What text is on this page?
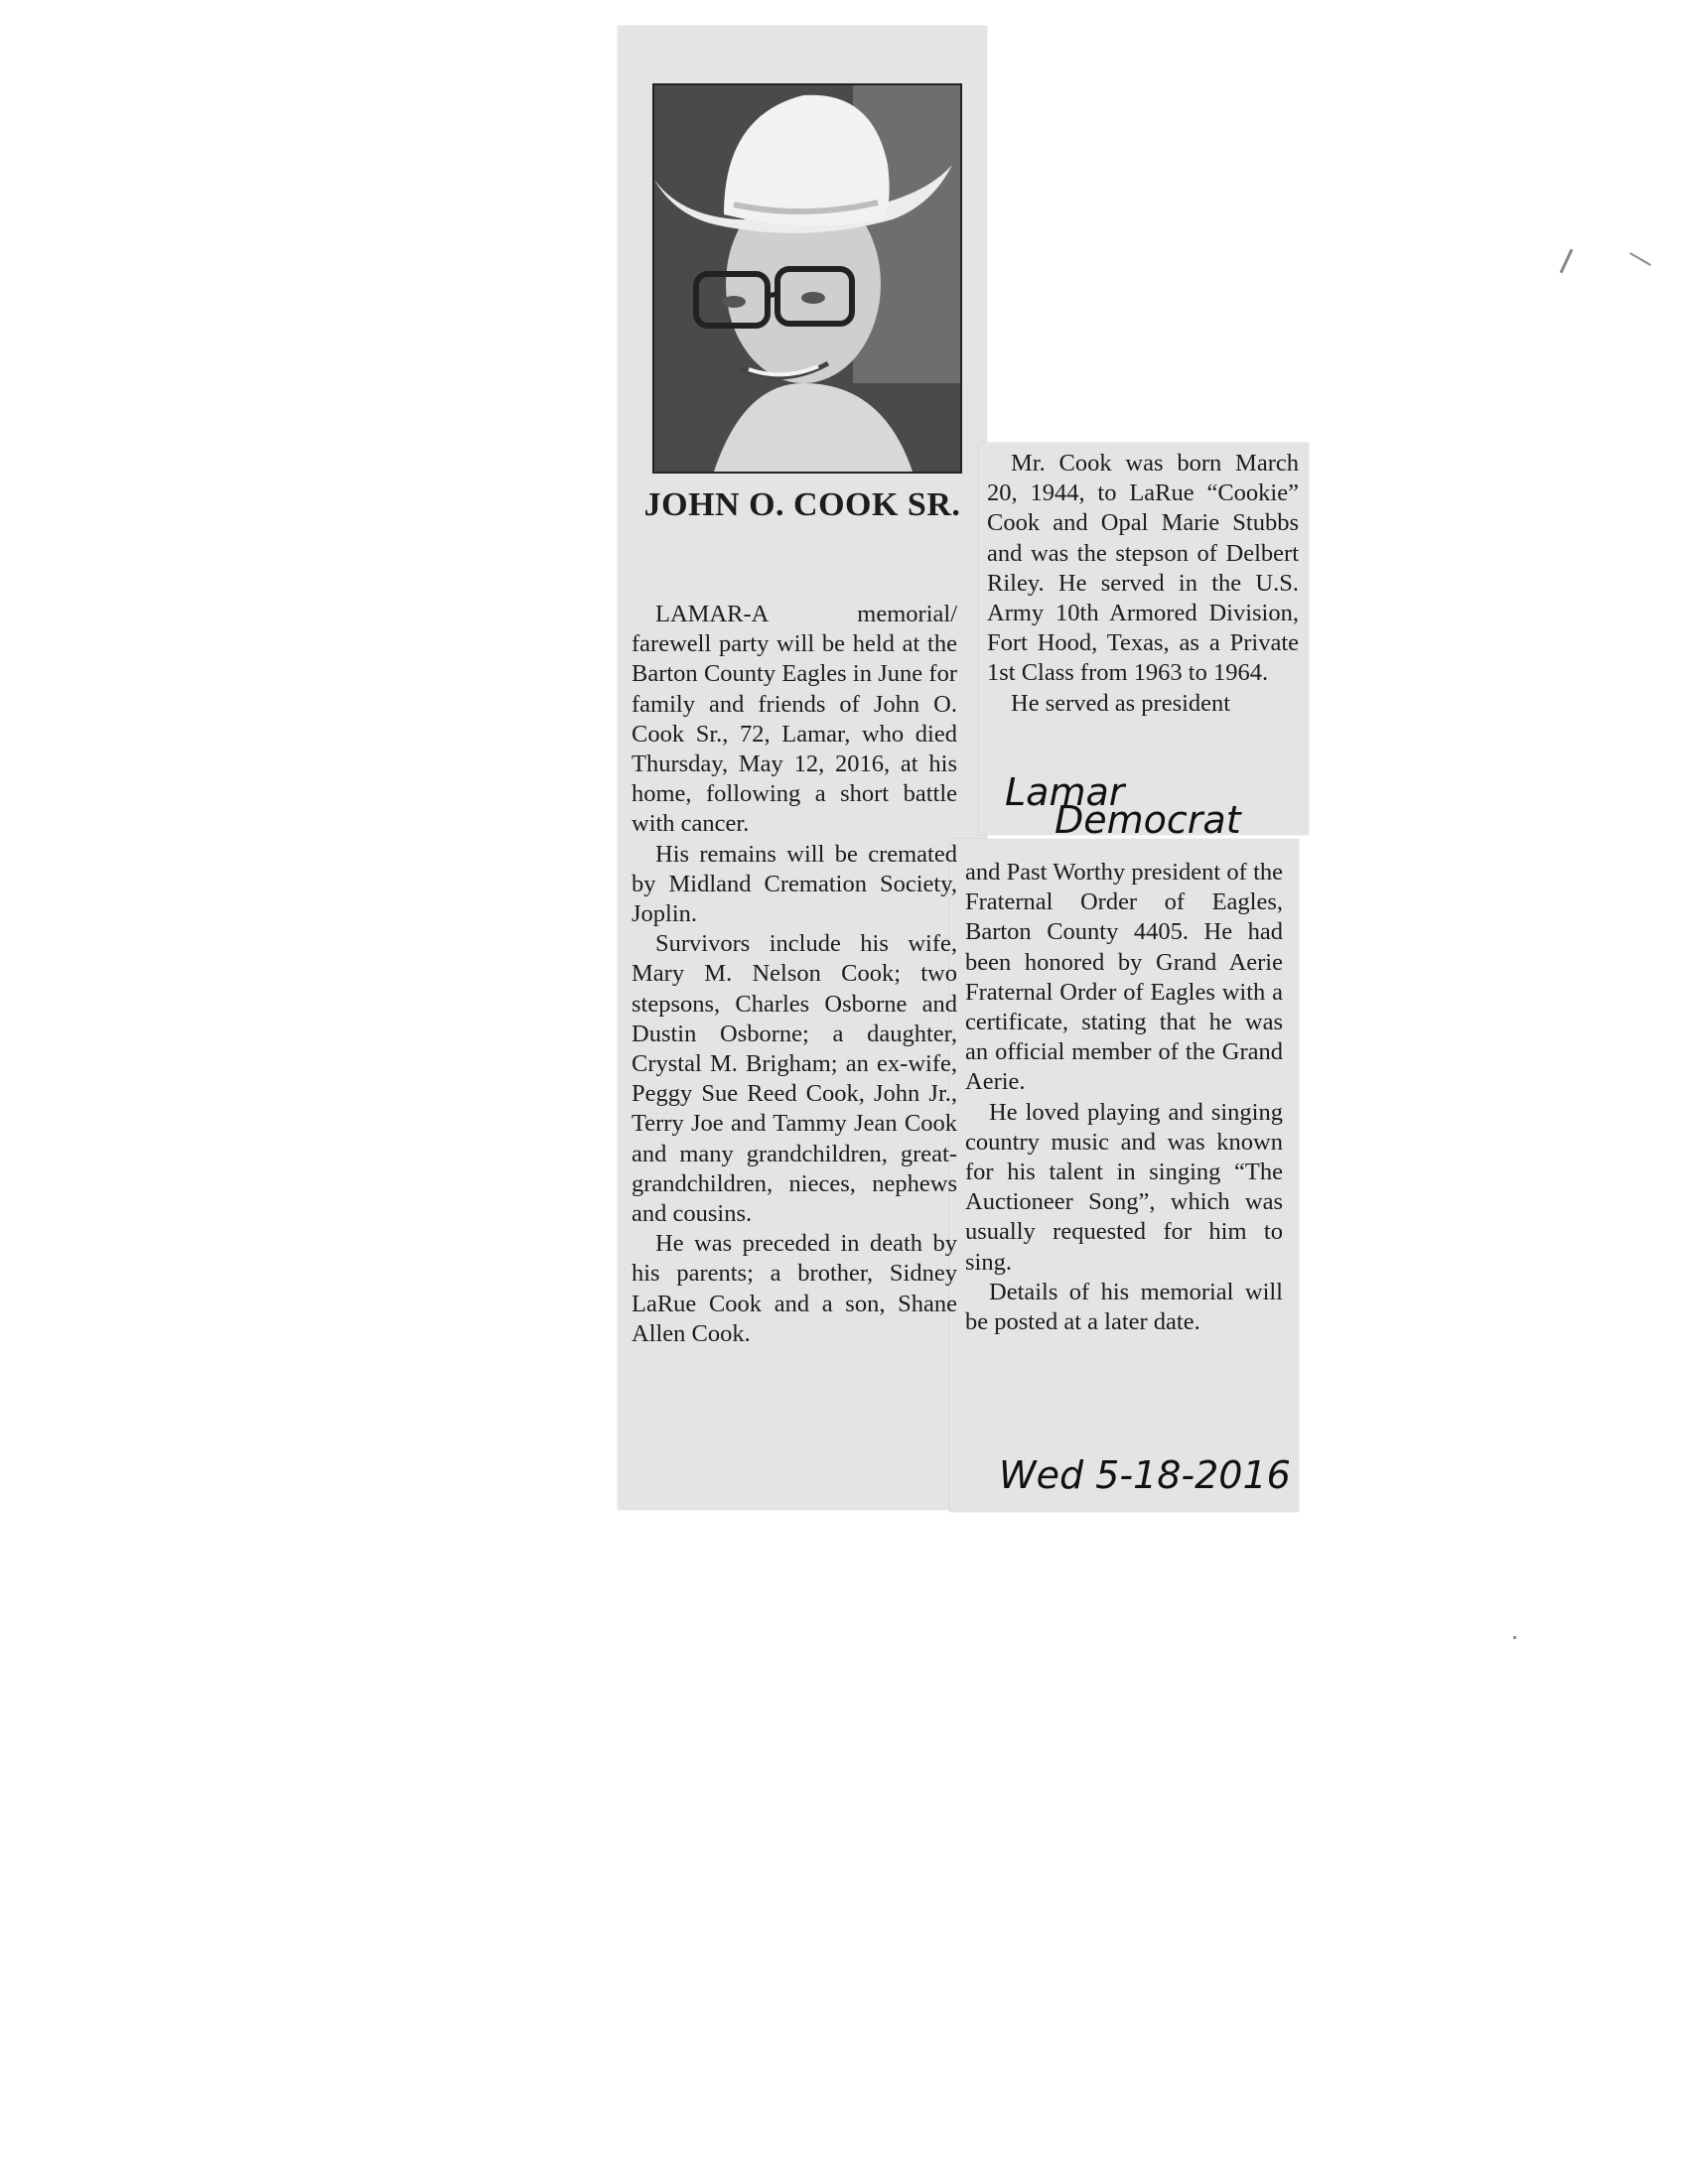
JOHN O. COOK SR.

LAMAR-A memorial/ farewell party will be held at the Barton County Eagles in June for family and friends of John O. Cook Sr., 72, Lamar, who died Thursday, May 12, 2016, at his home, following a short battle with cancer.

His remains will be cremated by Midland Cremation Society, Joplin.

Survivors include his wife, Mary M. Nelson Cook; two stepsons, Charles Osborne and Dustin Osborne; a daughter, Crystal M. Brigham; an ex-wife, Peggy Sue Reed Cook, John Jr., Terry Joe and Tammy Jean Cook and many grandchildren, great-grandchildren, nieces, nephews and cousins.

He was preceded in death by his parents; a brother, Sidney LaRue Cook and a son, Shane Allen Cook.

Mr. Cook was born March 20, 1944, to LaRue “Cookie” Cook and Opal Marie Stubbs and was the stepson of Delbert Riley. He served in the U.S. Army 10th Armored Division, Fort Hood, Texas, as a Private 1st Class from 1963 to 1964.

He served as president

and Past Worthy president of the Fraternal Order of Eagles, Barton County 4405. He had been honored by Grand Aerie Fraternal Order of Eagles with a certificate, stating that he was an official member of the Grand Aerie.

He loved playing and singing country music and was known for his talent in singing “The Auctioneer Song”, which was usually requested for him to sing.

Details of his memorial will be posted at a later date.

Lamar
Democrat
Wed 5-18-2016
